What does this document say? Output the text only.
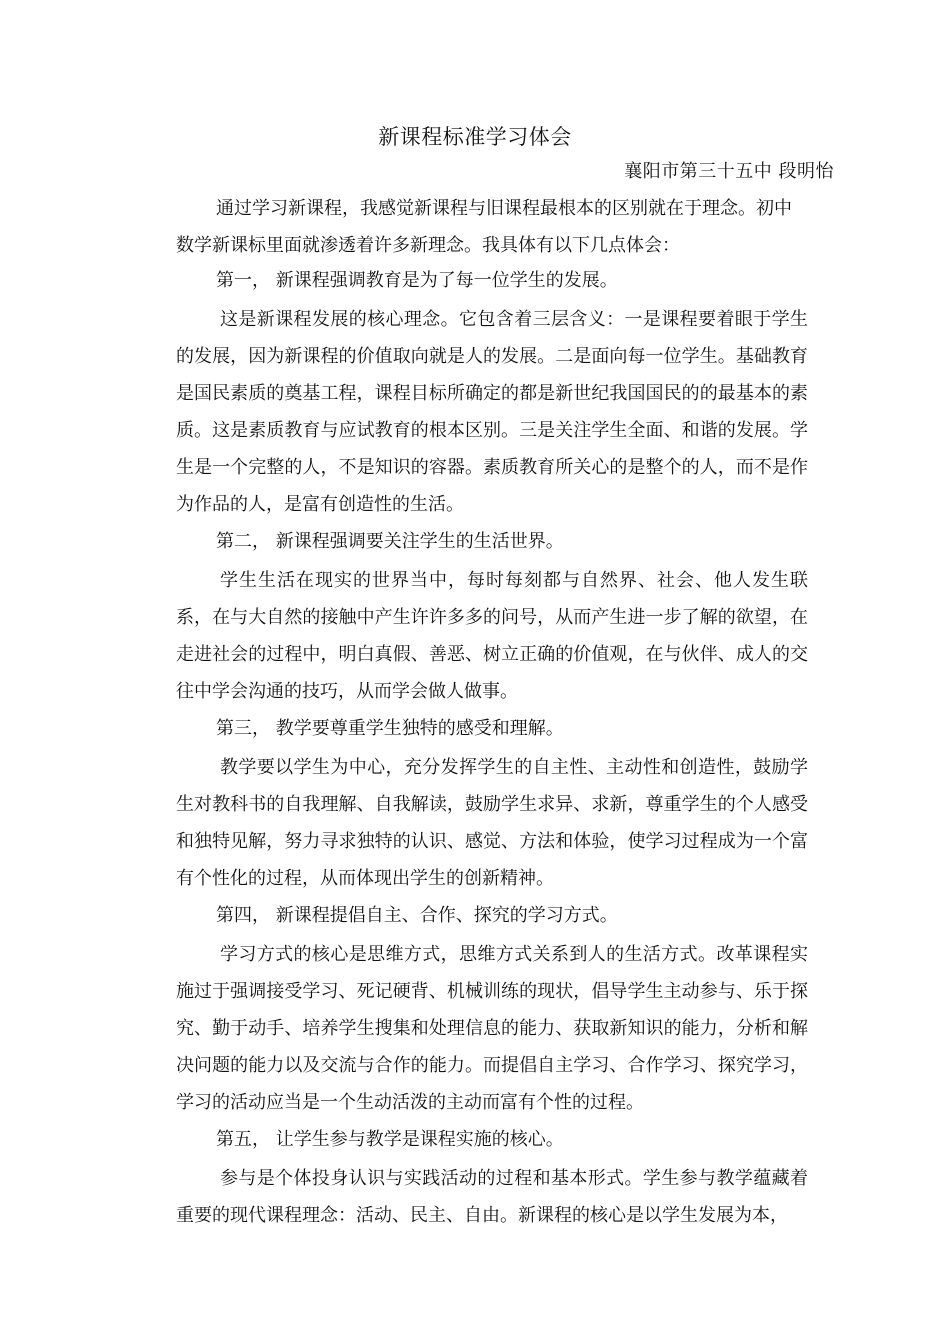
新课程标准学习体会
襄阳市第三十五中 段明怡

通过学习新课程，我感觉新课程与旧课程最根本的区别就在于理念。初中数学新课标里面就渗透着许多新理念。我具体有以下几点体会：

第一， 新课程强调教育是为了每一位学生的发展。

这是新课程发展的核心理念。它包含着三层含义：一是课程要着眼于学生的发展，因为新课程的价值取向就是人的发展。二是面向每一位学生。基础教育是国民素质的奠基工程，课程目标所确定的都是新世纪我国国民的的最基本的素质。这是素质教育与应试教育的根本区别。三是关注学生全面、和谐的发展。学生是一个完整的人，不是知识的容器。素质教育所关心的是整个的人，而不是作为作品的人，是富有创造性的生活。

第二， 新课程强调要关注学生的生活世界。

学生生活在现实的世界当中，每时每刻都与自然界、社会、他人发生联系，在与大自然的接触中产生许许多多的问号，从而产生进一步了解的欲望，在走进社会的过程中，明白真假、善恶、树立正确的价值观，在与伙伴、成人的交往中学会沟通的技巧，从而学会做人做事。

第三， 教学要尊重学生独特的感受和理解。

教学要以学生为中心，充分发挥学生的自主性、主动性和创造性，鼓励学生对教科书的自我理解、自我解读，鼓励学生求异、求新，尊重学生的个人感受和独特见解，努力寻求独特的认识、感觉、方法和体验，使学习过程成为一个富有个性化的过程，从而体现出学生的创新精神。

第四， 新课程提倡自主、合作、探究的学习方式。

学习方式的核心是思维方式，思维方式关系到人的生活方式。改革课程实施过于强调接受学习、死记硬背、机械训练的现状，倡导学生主动参与、乐于探究、勤于动手、培养学生搜集和处理信息的能力、获取新知识的能力，分析和解决问题的能力以及交流与合作的能力。而提倡自主学习、合作学习、探究学习，学习的活动应当是一个生动活泼的主动而富有个性的过程。

第五， 让学生参与教学是课程实施的核心。

参与是个体投身认识与实践活动的过程和基本形式。学生参与教学蕴藏着重要的现代课程理念：活动、民主、自由。新课程的核心是以学生发展为本，
